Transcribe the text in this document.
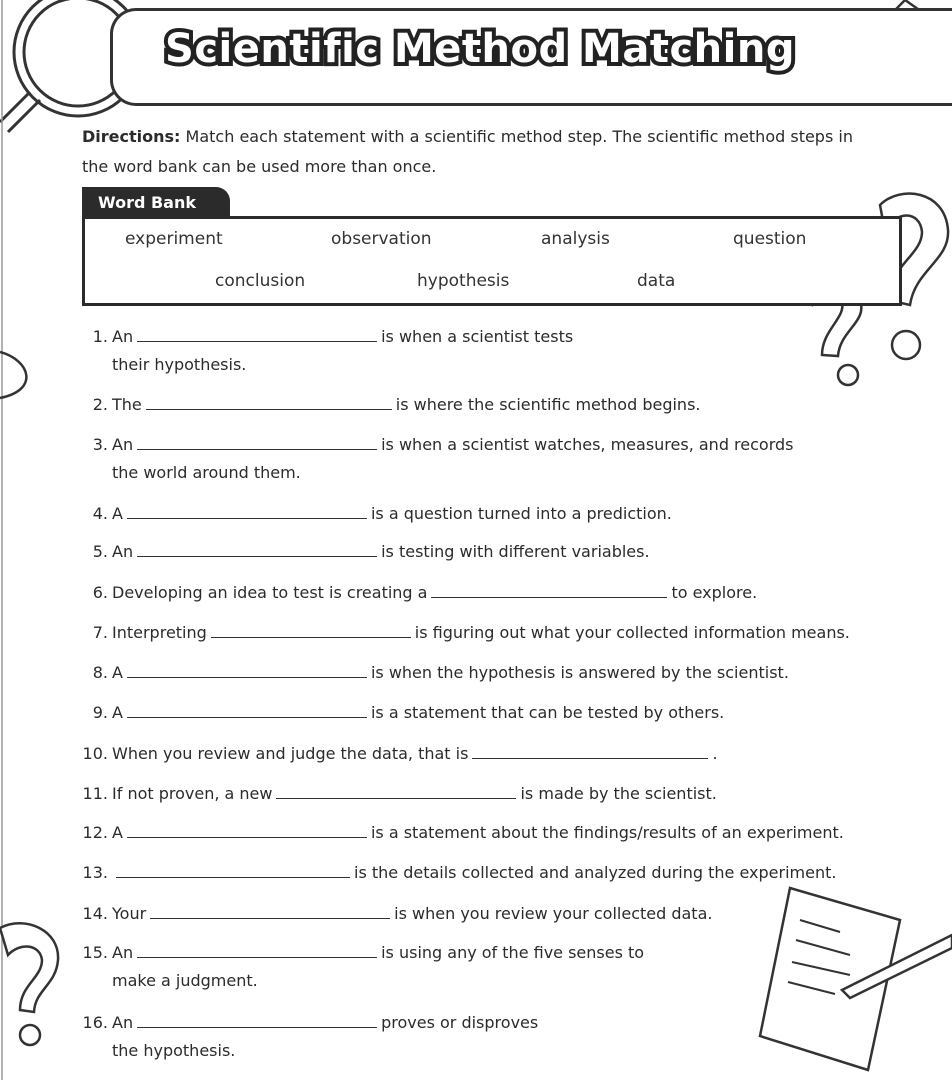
Scientific Method Matching
Directions: Match each statement with a scientific method step. The scientific method steps in the word bank can be used more than once.
Word Bank
experiment	observation	analysis	question
conclusion	hypothesis	data
1. An	is when a scientist tests
their hypothesis.
2. The	is where the scientific method begins.
3. An	is when a scientist watches, measures, and records
the world around them.
4. A	is a question turned into a prediction.
5. An	is testing with different variables.
6. Developing an idea to test is creating a	to explore.
7. Interpreting	is figuring out what your collected information means.
8. A	is when the hypothesis is answered by the scientist.
9. A	is a statement that can be tested by others.
10. When you review and judge the data, that is	.
11. If not proven, a new	is made by the scientist.
12. A	is a statement about the findings/results of an experiment.
13.	is the details collected and analyzed during the experiment.
14. Your	is when you review your collected data.
15. An	is using any of the five senses to
make a judgment.
16. An	proves or disproves
the hypothesis.
